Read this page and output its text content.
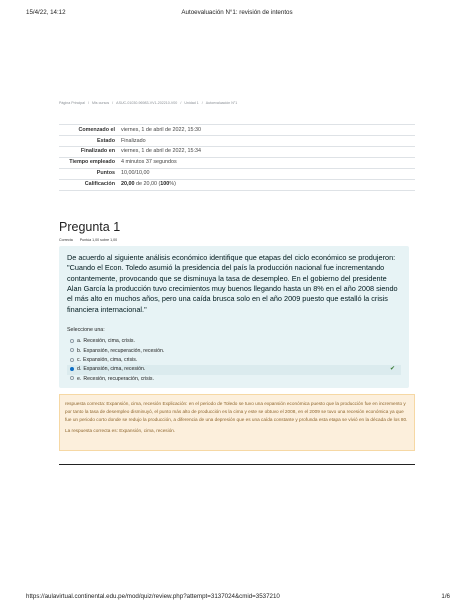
15/4/22, 14:12	Autoevaluación N°1: revisión de intentos
Página Principal / Mis cursos / ASUC-01030-96983-VV1-202210-V00 / Unidad 1 / Autoevaluación N°1
Comenzado el	viernes, 1 de abril de 2022, 15:30
Estado	Finalizado
Finalizado en	viernes, 1 de abril de 2022, 15:34
Tiempo empleado	4 minutos 37 segundos
Puntos	10,00/10,00
Calificación	20,00 de 20,00 (100%)
Pregunta 1
Correcta Puntúa 1,00 sobre 1,00

De acuerdo al siguiente análisis económico identifique que etapas del ciclo económico se produjeron: "Cuando el Econ. Toledo asumió la presidencia del país la producción nacional fue incrementando contantemente, provocando que se disminuya la tasa de desempleo. En el gobierno del presidente Alan García la producción tuvo crecimientos muy buenos llegando hasta un 8% en el año 2008 siendo el más alto en muchos años, pero una caída brusca solo en el año 2009 puesto que estalló la crisis financiera internacional."

Seleccione una:
a. Recesión, cima, crisis.
b. Expansión, recuperación, recesión.
c. Expansión, cima, crisis.
d. Expansión, cima, recesión.	✔
e. Recesión, recuperación, crisis.

respuesta correcta: Expansión, cima, recesión Explicación: en el periodo de Toledo se tuvo una expansión económica puesto que la producción fue en incremento y por tanto la tasa de desempleo disminuyó, el punto más alto de producción es la cima y este se obtuvo el 2008, en el 2009 se tuvo una recesión económica ya que fue un periodo corto donde se redujo la producción, a diferencia de una depresión que es una caída constante y profunda esta etapa se vivió en la década de los 80.

La respuesta correcta es: Expansión, cima, recesión.

https://aulavirtual.continental.edu.pe/mod/quiz/review.php?attempt=3137024&cmid=3537210	1/6
